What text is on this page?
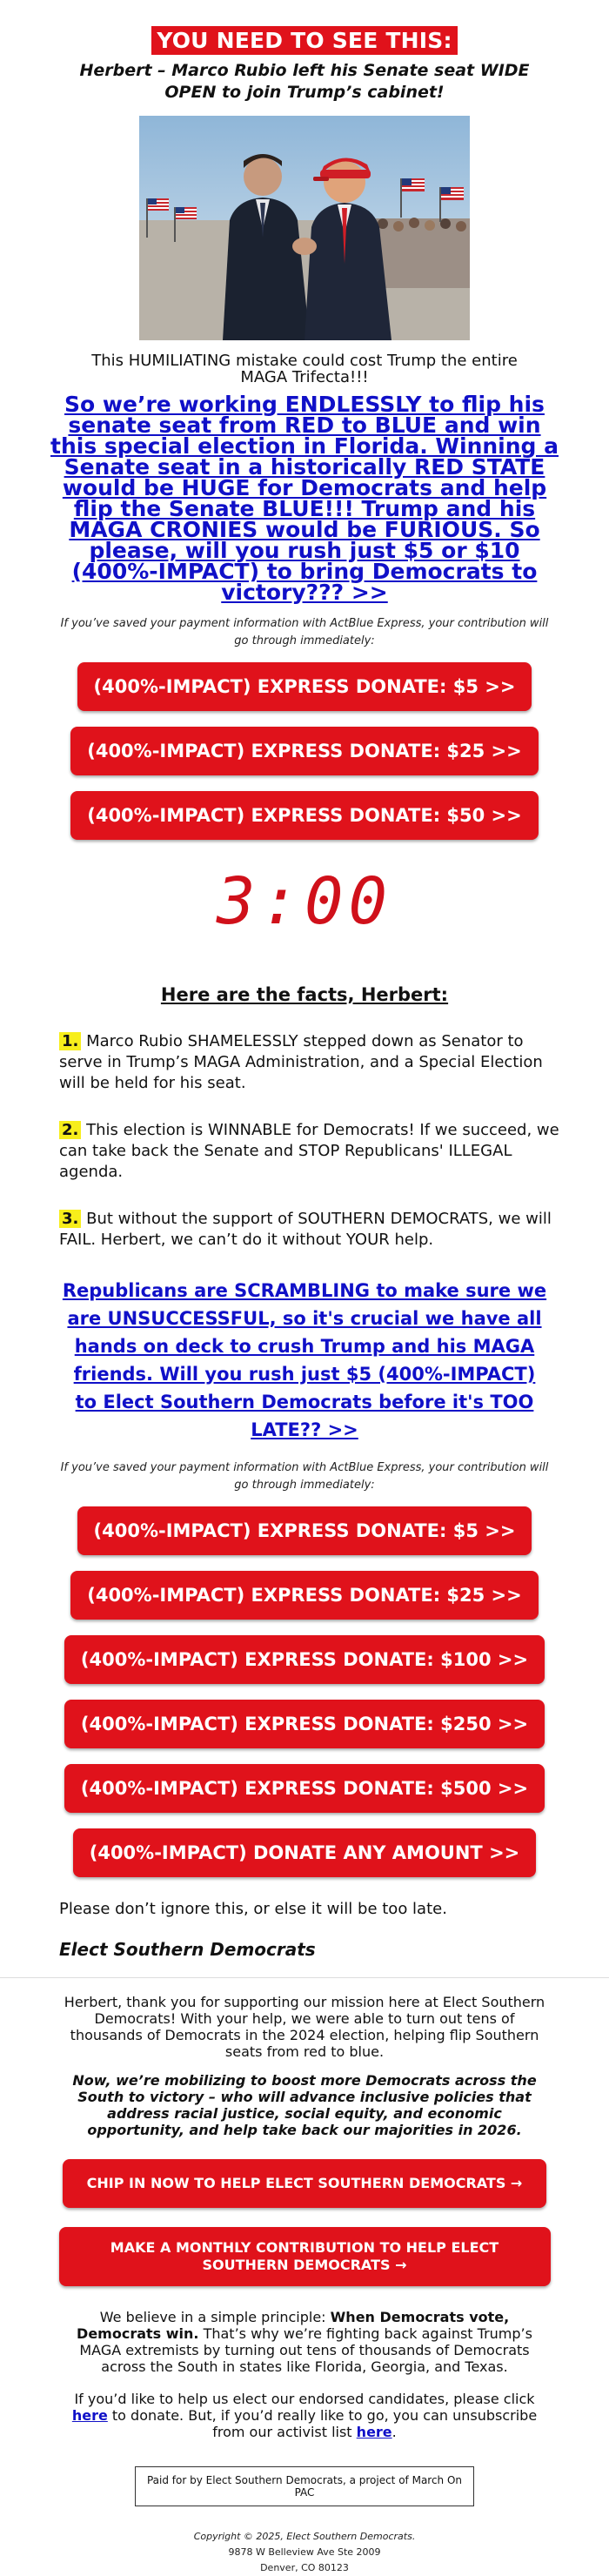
YOU NEED TO SEE THIS:

Herbert – Marco Rubio left his Senate seat WIDE OPEN to join Trump’s cabinet!

This HUMILIATING mistake could cost Trump the entire MAGA Trifecta!!!

So we’re working ENDLESSLY to flip his senate seat from RED to BLUE and win this special election in Florida. Winning a Senate seat in a historically RED STATE would be HUGE for Democrats and help flip the Senate BLUE!!! Trump and his MAGA CRONIES would be FURIOUS. So please, will you rush just $5 or $10 (400%-IMPACT) to bring Democrats to victory??? >>

If you’ve saved your payment information with ActBlue Express, your contribution will go through immediately:

(400%-IMPACT) EXPRESS DONATE: $5 >>
(400%-IMPACT) EXPRESS DONATE: $25 >>
(400%-IMPACT) EXPRESS DONATE: $50 >>
3:00
Here are the facts, Herbert:

1. Marco Rubio SHAMELESSLY stepped down as Senator to serve in Trump’s MAGA Administration, and a Special Election will be held for his seat.

2. This election is WINNABLE for Democrats! If we succeed, we can take back the Senate and STOP Republicans' ILLEGAL agenda.

3. But without the support of SOUTHERN DEMOCRATS, we will FAIL. Herbert, we can’t do it without YOUR help.

Republicans are SCRAMBLING to make sure we are UNSUCCESSFUL, so it's crucial we have all hands on deck to crush Trump and his MAGA friends. Will you rush just $5 (400%-IMPACT) to Elect Southern Democrats before it's TOO LATE?? >>

If you’ve saved your payment information with ActBlue Express, your contribution will go through immediately:

(400%-IMPACT) EXPRESS DONATE: $5 >>
(400%-IMPACT) EXPRESS DONATE: $25 >>
(400%-IMPACT) EXPRESS DONATE: $100 >>
(400%-IMPACT) EXPRESS DONATE: $250 >>
(400%-IMPACT) EXPRESS DONATE: $500 >>
(400%-IMPACT) DONATE ANY AMOUNT >>

Please don’t ignore this, or else it will be too late.

Elect Southern Democrats

Herbert, thank you for supporting our mission here at Elect Southern Democrats! With your help, we were able to turn out tens of thousands of Democrats in the 2024 election, helping flip Southern seats from red to blue.

Now, we’re mobilizing to boost more Democrats across the South to victory – who will advance inclusive policies that address racial justice, social equity, and economic opportunity, and help take back our majorities in 2026.

CHIP IN NOW TO HELP ELECT SOUTHERN DEMOCRATS →
MAKE A MONTHLY CONTRIBUTION TO HELP ELECT SOUTHERN DEMOCRATS →

We believe in a simple principle: When Democrats vote, Democrats win. That’s why we’re fighting back against Trump’s MAGA extremists by turning out tens of thousands of Democrats across the South in states like Florida, Georgia, and Texas.

If you’d like to help us elect our endorsed candidates, please click here to donate. But, if you’d really like to go, you can unsubscribe from our activist list here.

Paid for by Elect Southern Democrats, a project of March On PAC
Copyright © 2025, Elect Southern Democrats.
9878 W Belleview Ave Ste 2009
Denver, CO 80123
